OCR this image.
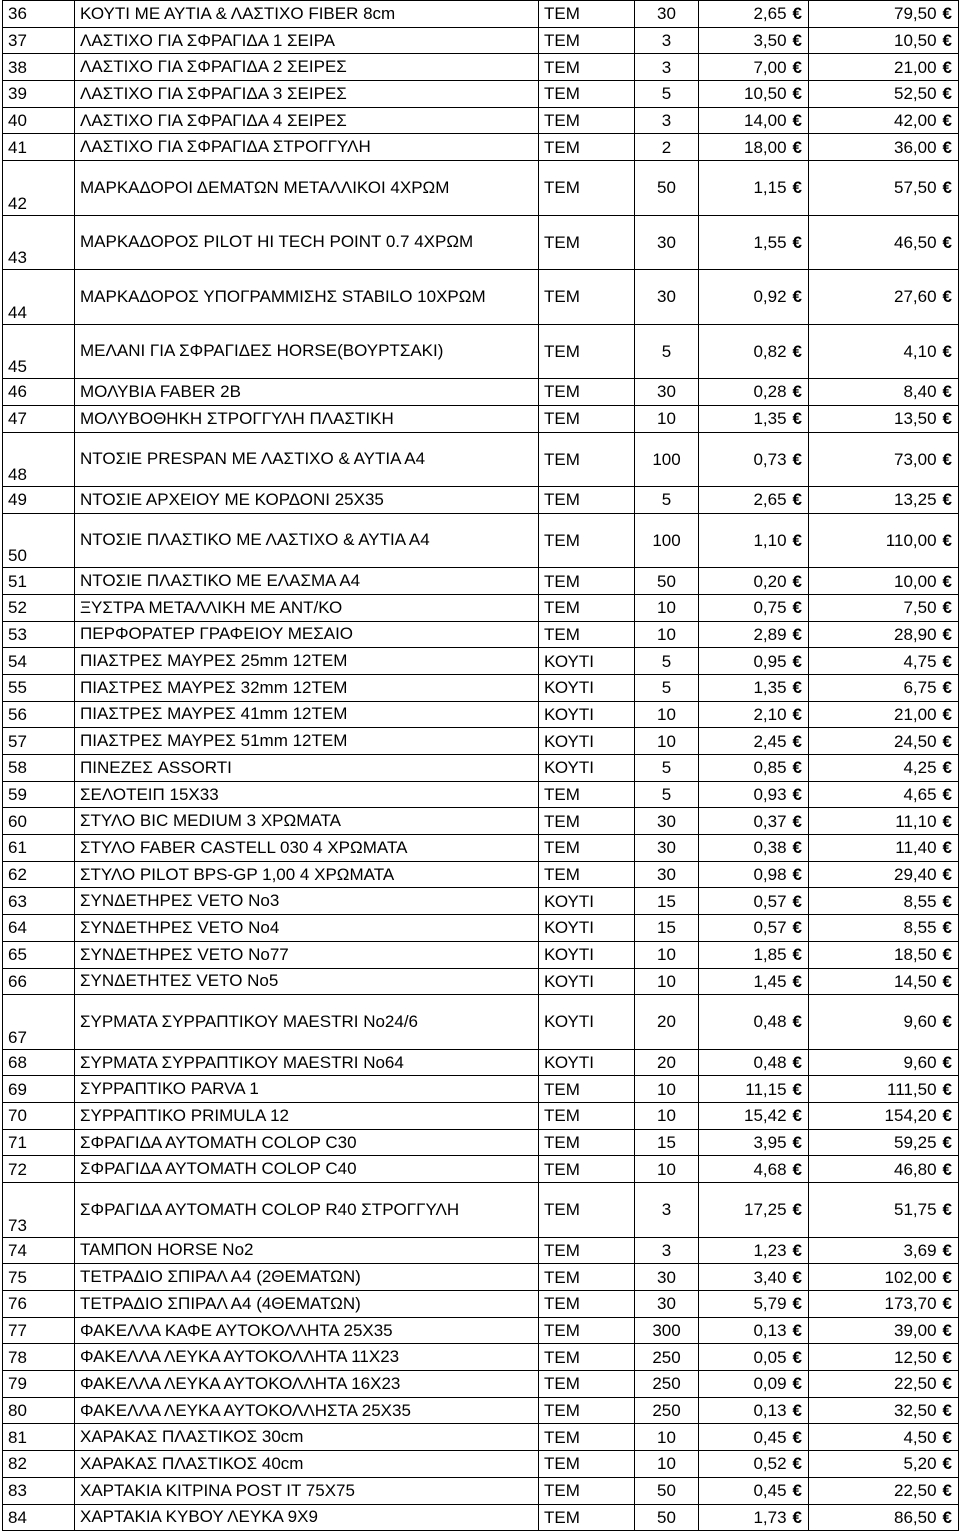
36	ΚΟΥΤΙ ΜΕ ΑΥΤΙΑ & ΛΑΣΤΙΧΟ FIBER 8cm	ΤΕΜ	30	2,65 €	79,50 €
37	ΛΑΣΤΙΧΟ ΓΙΑ ΣΦΡΑΓΙΔΑ 1 ΣΕΙΡΑ	ΤΕΜ	3	3,50 €	10,50 €
38	ΛΑΣΤΙΧΟ ΓΙΑ ΣΦΡΑΓΙΔΑ 2 ΣΕΙΡΕΣ	ΤΕΜ	3	7,00 €	21,00 €
39	ΛΑΣΤΙΧΟ ΓΙΑ ΣΦΡΑΓΙΔΑ 3 ΣΕΙΡΕΣ	ΤΕΜ	5	10,50 €	52,50 €
40	ΛΑΣΤΙΧΟ ΓΙΑ ΣΦΡΑΓΙΔΑ 4 ΣΕΙΡΕΣ	ΤΕΜ	3	14,00 €	42,00 €
41	ΛΑΣΤΙΧΟ ΓΙΑ ΣΦΡΑΓΙΔΑ ΣΤΡΟΓΓΥΛΗ	ΤΕΜ	2	18,00 €	36,00 €
42	ΜΑΡΚΑΔΟΡΟΙ ΔΕΜΑΤΩΝ ΜΕΤΑΛΛΙΚΟΙ 4ΧΡΩΜ	ΤΕΜ	50	1,15 €	57,50 €
43	ΜΑΡΚΑΔΟΡΟΣ PILOT HI TECH POINT 0.7 4ΧΡΩΜ	ΤΕΜ	30	1,55 €	46,50 €
44	ΜΑΡΚΑΔΟΡΟΣ ΥΠΟΓΡΑΜΜΙΣΗΣ STABILO 10ΧΡΩΜ	ΤΕΜ	30	0,92 €	27,60 €
45	ΜΕΛΑΝΙ ΓΙΑ ΣΦΡΑΓΙΔΕΣ HORSE(ΒΟΥΡΤΣΑΚΙ)	ΤΕΜ	5	0,82 €	4,10 €
46	ΜΟΛΥΒΙΑ FABER 2B	ΤΕΜ	30	0,28 €	8,40 €
47	ΜΟΛΥΒΟΘΗΚΗ ΣΤΡΟΓΓΥΛΗ ΠΛΑΣΤΙΚΗ	ΤΕΜ	10	1,35 €	13,50 €
48	ΝΤΟΣΙΕ PRESPAN ΜΕ ΛΑΣΤΙΧΟ & ΑΥΤΙΑ Α4	ΤΕΜ	100	0,73 €	73,00 €
49	ΝΤΟΣΙΕ ΑΡΧΕΙΟΥ ΜΕ ΚΟΡΔΟΝΙ 25Χ35	ΤΕΜ	5	2,65 €	13,25 €
50	ΝΤΟΣΙΕ ΠΛΑΣΤΙΚΟ ΜΕ ΛΑΣΤΙΧΟ & ΑΥΤΙΑ Α4	ΤΕΜ	100	1,10 €	110,00 €
51	ΝΤΟΣΙΕ ΠΛΑΣΤΙΚΟ ΜΕ ΕΛΑΣΜΑ Α4	ΤΕΜ	50	0,20 €	10,00 €
52	ΞΥΣΤΡΑ ΜΕΤΑΛΛΙΚΗ ΜΕ ΑΝΤ/ΚΟ	ΤΕΜ	10	0,75 €	7,50 €
53	ΠΕΡΦΟΡΑΤΕΡ ΓΡΑΦΕΙΟΥ ΜΕΣΑΙΟ	ΤΕΜ	10	2,89 €	28,90 €
54	ΠΙΑΣΤΡΕΣ ΜΑΥΡΕΣ 25mm 12ΤΕΜ	ΚΟΥΤΙ	5	0,95 €	4,75 €
55	ΠΙΑΣΤΡΕΣ ΜΑΥΡΕΣ 32mm 12ΤΕΜ	ΚΟΥΤΙ	5	1,35 €	6,75 €
56	ΠΙΑΣΤΡΕΣ ΜΑΥΡΕΣ 41mm 12ΤΕΜ	ΚΟΥΤΙ	10	2,10 €	21,00 €
57	ΠΙΑΣΤΡΕΣ ΜΑΥΡΕΣ 51mm 12ΤΕΜ	ΚΟΥΤΙ	10	2,45 €	24,50 €
58	ΠΙΝΕΖΕΣ ASSORTI	ΚΟΥΤΙ	5	0,85 €	4,25 €
59	ΣΕΛΟΤΕΙΠ 15Χ33	ΤΕΜ	5	0,93 €	4,65 €
60	ΣΤΥΛΟ BIC MEDIUM 3 ΧΡΩΜΑΤΑ	ΤΕΜ	30	0,37 €	11,10 €
61	ΣΤΥΛΟ FABER CASTELL 030 4 ΧΡΩΜΑΤΑ	ΤΕΜ	30	0,38 €	11,40 €
62	ΣΤΥΛΟ PILOT BPS-GP 1,00 4 ΧΡΩΜΑΤΑ	ΤΕΜ	30	0,98 €	29,40 €
63	ΣΥΝΔΕΤΗΡΕΣ VETO No3	ΚΟΥΤΙ	15	0,57 €	8,55 €
64	ΣΥΝΔΕΤΗΡΕΣ VETO No4	ΚΟΥΤΙ	15	0,57 €	8,55 €
65	ΣΥΝΔΕΤΗΡΕΣ VETO No77	ΚΟΥΤΙ	10	1,85 €	18,50 €
66	ΣΥΝΔΕΤΗΤΕΣ VETO No5	ΚΟΥΤΙ	10	1,45 €	14,50 €
67	ΣΥΡΜΑΤΑ ΣΥΡΡΑΠΤΙΚΟΥ MAESTRI No24/6	ΚΟΥΤΙ	20	0,48 €	9,60 €
68	ΣΥΡΜΑΤΑ ΣΥΡΡΑΠΤΙΚΟΥ MAESTRI No64	ΚΟΥΤΙ	20	0,48 €	9,60 €
69	ΣΥΡΡΑΠΤΙΚΟ PARVA 1	ΤΕΜ	10	11,15 €	111,50 €
70	ΣΥΡΡΑΠΤΙΚΟ PRIMULA 12	ΤΕΜ	10	15,42 €	154,20 €
71	ΣΦΡΑΓΙΔΑ ΑΥΤΟΜΑΤΗ COLOP C30	ΤΕΜ	15	3,95 €	59,25 €
72	ΣΦΡΑΓΙΔΑ ΑΥΤΟΜΑΤΗ COLOP C40	ΤΕΜ	10	4,68 €	46,80 €
73	ΣΦΡΑΓΙΔΑ ΑΥΤΟΜΑΤΗ COLOP R40 ΣΤΡΟΓΓΥΛΗ	ΤΕΜ	3	17,25 €	51,75 €
74	ΤΑΜΠΟΝ HORSE No2	ΤΕΜ	3	1,23 €	3,69 €
75	ΤΕΤΡΑΔΙΟ ΣΠΙΡΑΛ Α4 (2ΘΕΜΑΤΩΝ)	ΤΕΜ	30	3,40 €	102,00 €
76	ΤΕΤΡΑΔΙΟ ΣΠΙΡΑΛ Α4 (4ΘΕΜΑΤΩΝ)	ΤΕΜ	30	5,79 €	173,70 €
77	ΦΑΚΕΛΛΑ ΚΑΦΕ ΑΥΤΟΚΟΛΛΗΤΑ 25Χ35	ΤΕΜ	300	0,13 €	39,00 €
78	ΦΑΚΕΛΛΑ ΛΕΥΚΑ ΑΥΤΟΚΟΛΛΗΤΑ 11Χ23	ΤΕΜ	250	0,05 €	12,50 €
79	ΦΑΚΕΛΛΑ ΛΕΥΚΑ ΑΥΤΟΚΟΛΛΗΤΑ 16Χ23	ΤΕΜ	250	0,09 €	22,50 €
80	ΦΑΚΕΛΛΑ ΛΕΥΚΑ ΑΥΤΟΚΟΛΛΗΣΤΑ 25Χ35	ΤΕΜ	250	0,13 €	32,50 €
81	ΧΑΡΑΚΑΣ ΠΛΑΣΤΙΚΟΣ 30cm	ΤΕΜ	10	0,45 €	4,50 €
82	ΧΑΡΑΚΑΣ ΠΛΑΣΤΙΚΟΣ 40cm	ΤΕΜ	10	0,52 €	5,20 €
83	ΧΑΡΤΑΚΙΑ ΚΙΤΡΙΝΑ POST IT 75Χ75	ΤΕΜ	50	0,45 €	22,50 €
84	ΧΑΡΤΑΚΙΑ ΚΥΒΟΥ ΛΕΥΚΑ 9Χ9	ΤΕΜ	50	1,73 €	86,50 €
